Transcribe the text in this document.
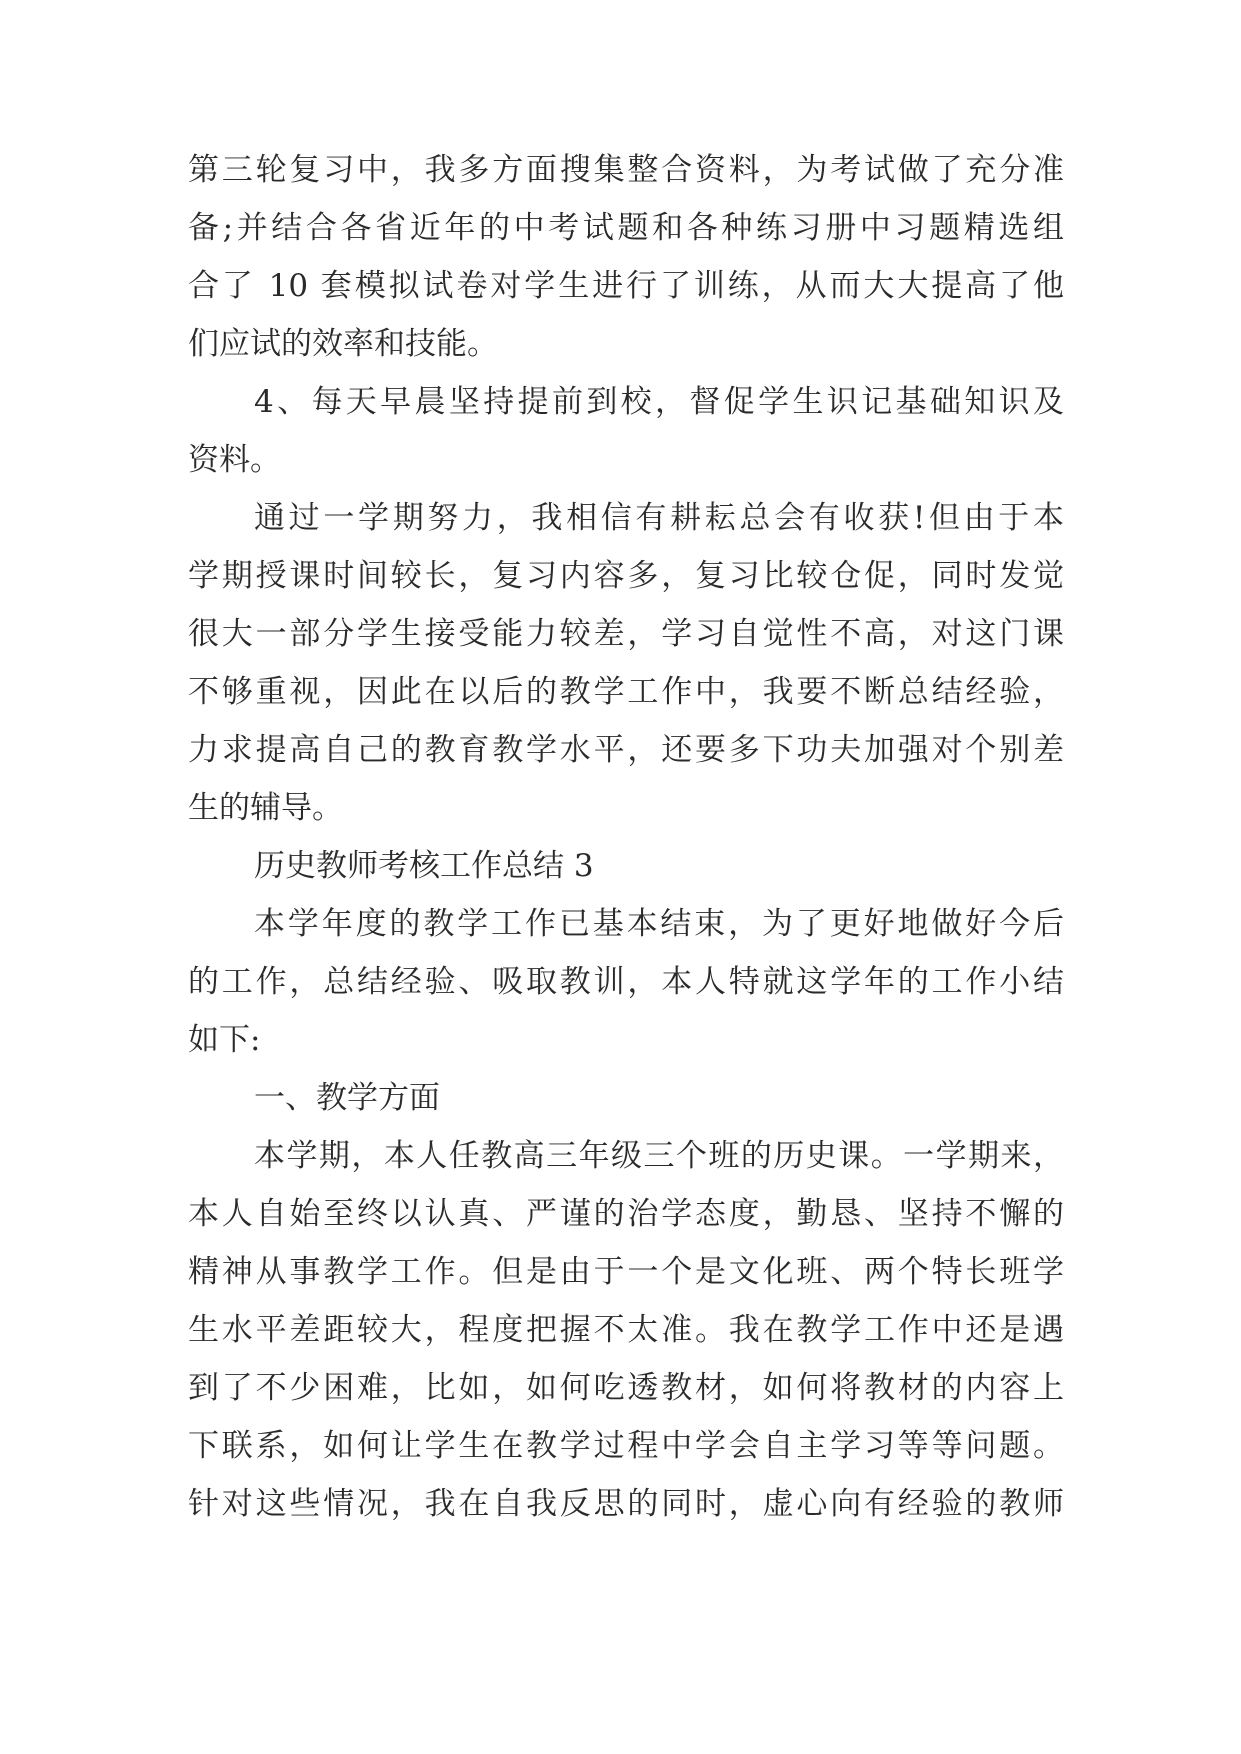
第三轮复习中，我多方面搜集整合资料，为考试做了充分准

备;并结合各省近年的中考试题和各种练习册中习题精选组

合了 10 套模拟试卷对学生进行了训练，从而大大提高了他

们应试的效率和技能。

4、每天早晨坚持提前到校，督促学生识记基础知识及

资料。

通过一学期努力，我相信有耕耘总会有收获!但由于本

学期授课时间较长，复习内容多，复习比较仓促，同时发觉

很大一部分学生接受能力较差，学习自觉性不高，对这门课

不够重视，因此在以后的教学工作中，我要不断总结经验，

力求提高自己的教育教学水平，还要多下功夫加强对个别差

生的辅导。

历史教师考核工作总结 3

本学年度的教学工作已基本结束，为了更好地做好今后

的工作，总结经验、吸取教训，本人特就这学年的工作小结

如下:

一、教学方面

本学期，本人任教高三年级三个班的历史课。一学期来，

本人自始至终以认真、严谨的治学态度，勤恳、坚持不懈的

精神从事教学工作。但是由于一个是文化班、两个特长班学

生水平差距较大，程度把握不太准。我在教学工作中还是遇

到了不少困难，比如，如何吃透教材，如何将教材的内容上

下联系，如何让学生在教学过程中学会自主学习等等问题。

针对这些情况，我在自我反思的同时，虚心向有经验的教师
